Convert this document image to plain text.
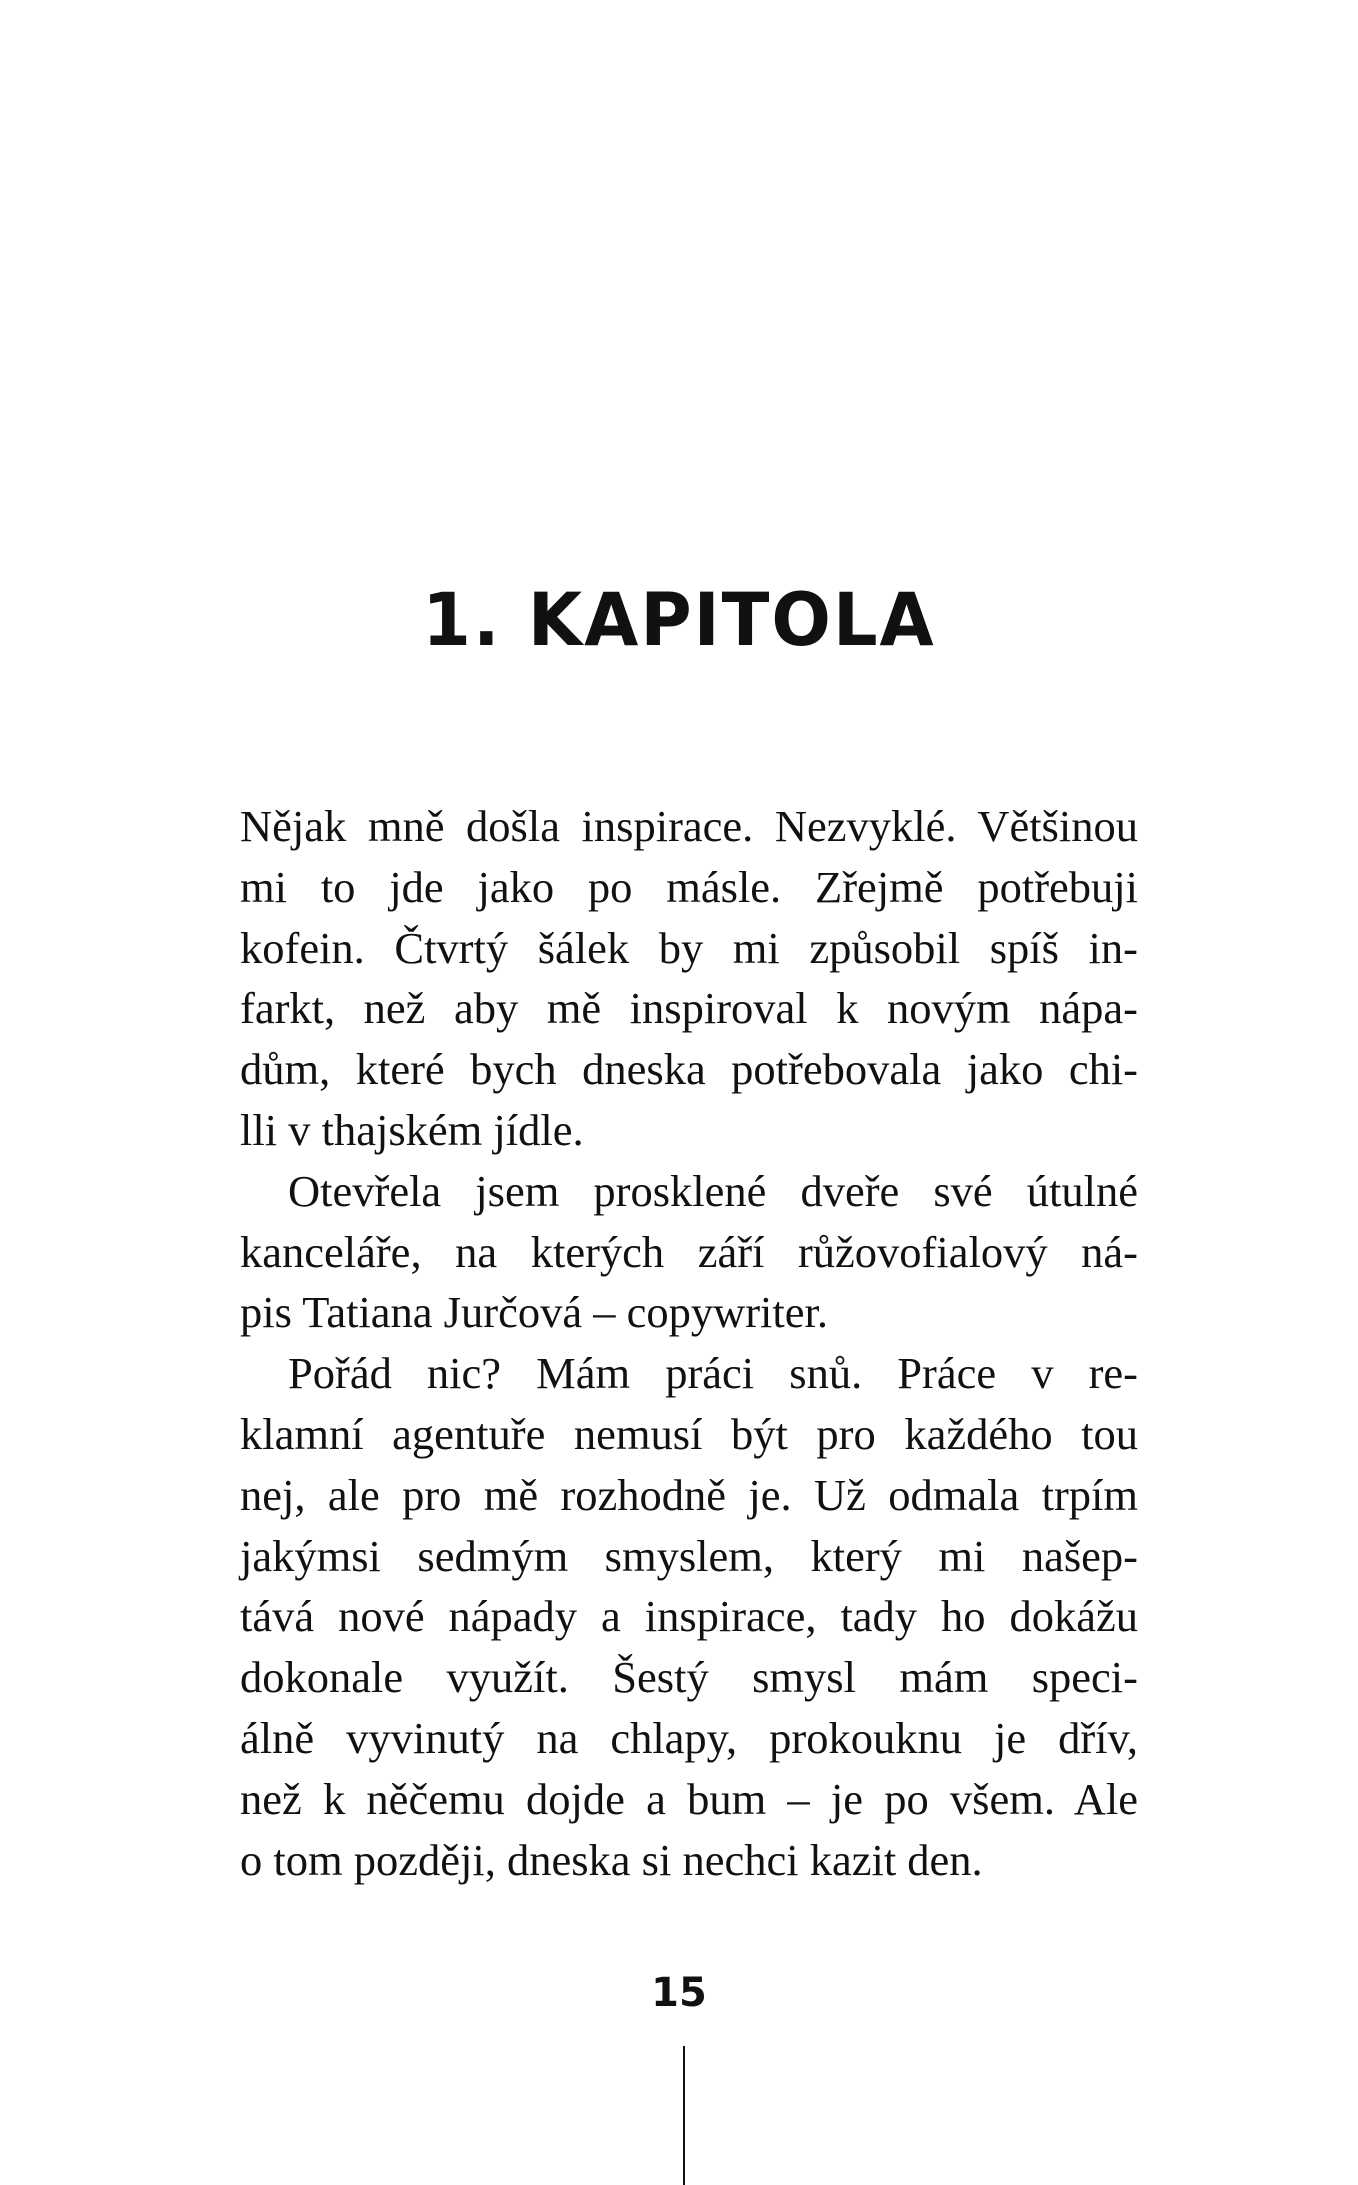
1. KAPITOLA

Nějak mně došla inspirace. Nezvyklé. Většinou
mi to jde jako po másle. Zřejmě potřebuji
kofein. Čtvrtý šálek by mi způsobil spíš in-
farkt, než aby mě inspiroval k novým nápa-
dům, které bych dneska potřebovala jako chi-
lli v thajském jídle.

Otevřela jsem prosklené dveře své útulné
kanceláře, na kterých září růžovofialový ná-
pis Tatiana Jurčová – copywriter.

Pořád nic? Mám práci snů. Práce v re-
klamní agentuře nemusí být pro každého tou
nej, ale pro mě rozhodně je. Už odmala trpím
jakýmsi sedmým smyslem, který mi našep-
tává nové nápady a inspirace, tady ho dokážu
dokonale využít. Šestý smysl mám speci-
álně vyvinutý na chlapy, prokouknu je dřív,
než k něčemu dojde a bum – je po všem. Ale
o tom později, dneska si nechci kazit den.

15
